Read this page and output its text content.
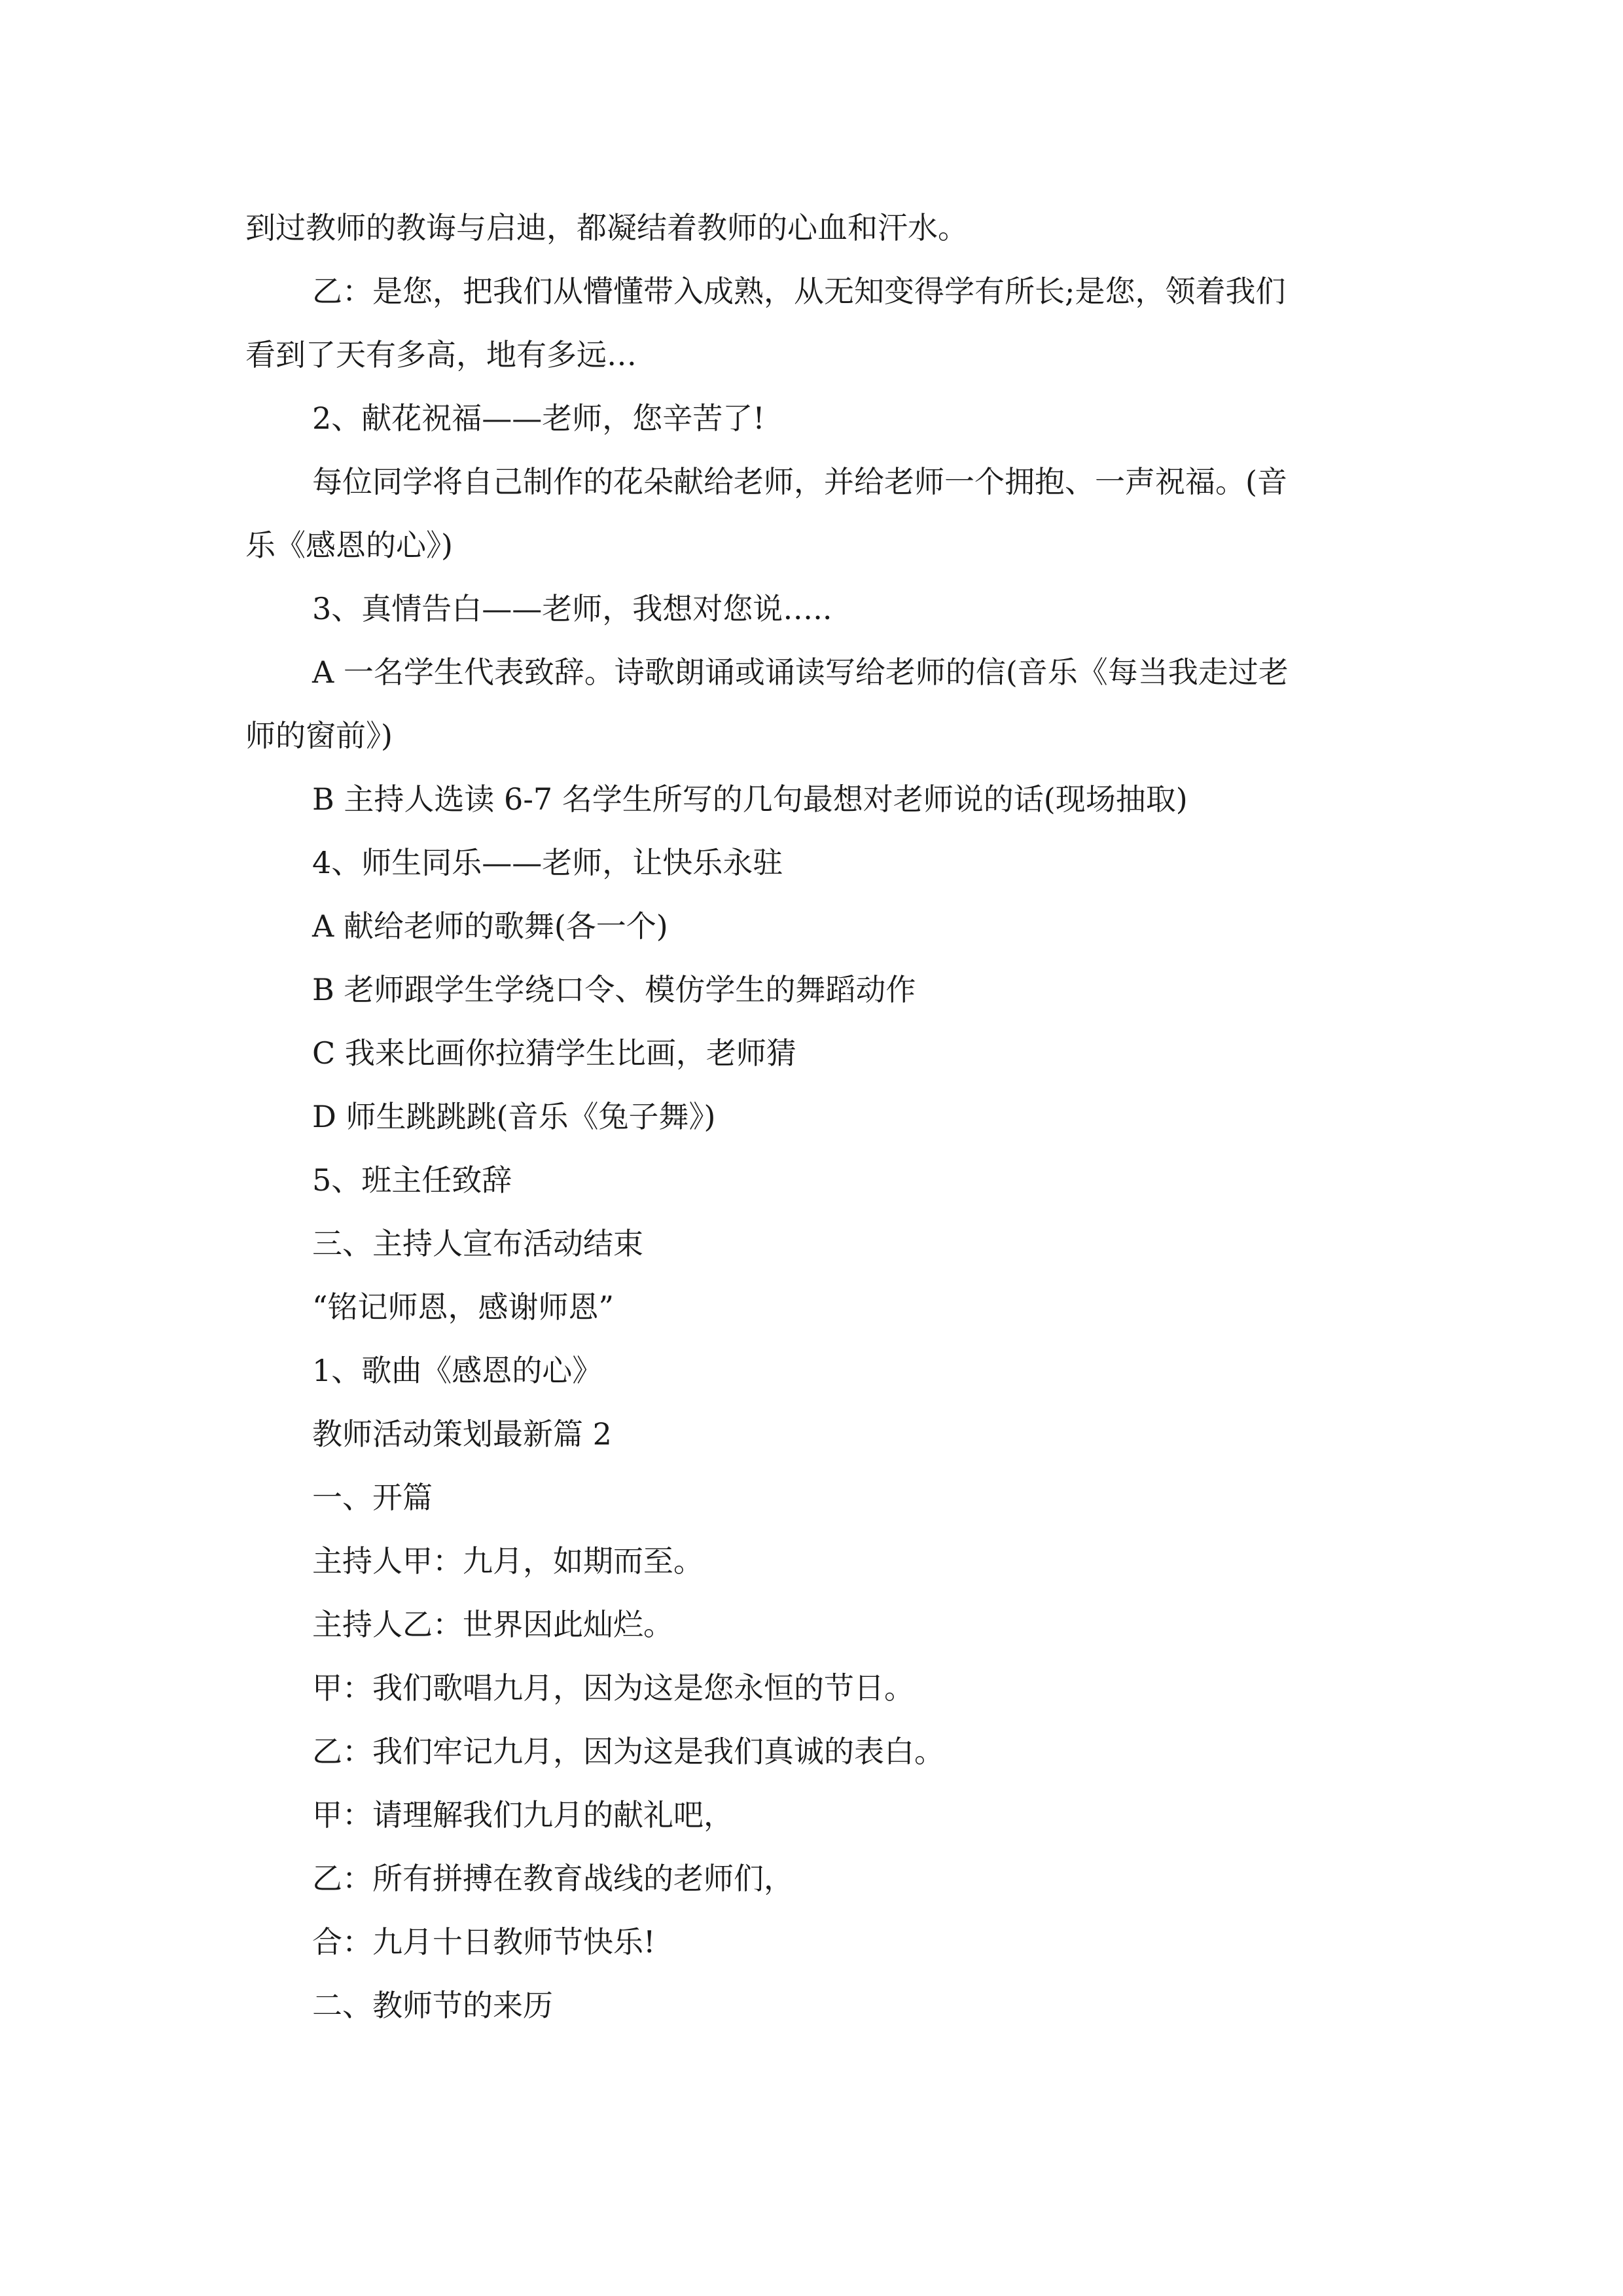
到过教师的教诲与启迪，都凝结着教师的心血和汗水。
乙：是您，把我们从懵懂带入成熟，从无知变得学有所长;是您，领着我们
看到了天有多高，地有多远…
2、献花祝福——老师，您辛苦了!
每位同学将自己制作的花朵献给老师，并给老师一个拥抱、一声祝福。(音
乐《感恩的心》)
3、真情告白——老师，我想对您说…..
A 一名学生代表致辞。诗歌朗诵或诵读写给老师的信(音乐《每当我走过老
师的窗前》)
B 主持人选读 6-7 名学生所写的几句最想对老师说的话(现场抽取)
4、师生同乐——老师，让快乐永驻
A 献给老师的歌舞(各一个)
B 老师跟学生学绕口令、模仿学生的舞蹈动作
C 我来比画你拉猜学生比画，老师猜
D 师生跳跳跳(音乐《兔子舞》)
5、班主任致辞
三、主持人宣布活动结束
“铭记师恩，感谢师恩”
1、歌曲《感恩的心》
教师活动策划最新篇 2
一、开篇
主持人甲：九月，如期而至。
主持人乙：世界因此灿烂。
甲：我们歌唱九月，因为这是您永恒的节日。
乙：我们牢记九月，因为这是我们真诚的表白。
甲：请理解我们九月的献礼吧，
乙：所有拼搏在教育战线的老师们，
合：九月十日教师节快乐!
二、教师节的来历
